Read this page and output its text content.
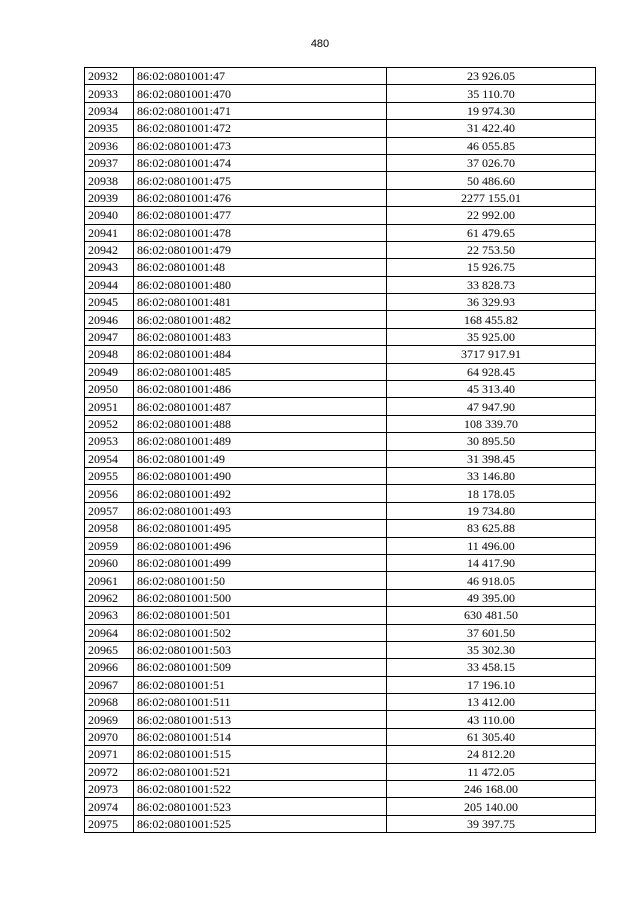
480
20932	86:02:0801001:47	23 926.05
20933	86:02:0801001:470	35 110.70
20934	86:02:0801001:471	19 974.30
20935	86:02:0801001:472	31 422.40
20936	86:02:0801001:473	46 055.85
20937	86:02:0801001:474	37 026.70
20938	86:02:0801001:475	50 486.60
20939	86:02:0801001:476	2277 155.01
20940	86:02:0801001:477	22 992.00
20941	86:02:0801001:478	61 479.65
20942	86:02:0801001:479	22 753.50
20943	86:02:0801001:48	15 926.75
20944	86:02:0801001:480	33 828.73
20945	86:02:0801001:481	36 329.93
20946	86:02:0801001:482	168 455.82
20947	86:02:0801001:483	35 925.00
20948	86:02:0801001:484	3717 917.91
20949	86:02:0801001:485	64 928.45
20950	86:02:0801001:486	45 313.40
20951	86:02:0801001:487	47 947.90
20952	86:02:0801001:488	108 339.70
20953	86:02:0801001:489	30 895.50
20954	86:02:0801001:49	31 398.45
20955	86:02:0801001:490	33 146.80
20956	86:02:0801001:492	18 178.05
20957	86:02:0801001:493	19 734.80
20958	86:02:0801001:495	83 625.88
20959	86:02:0801001:496	11 496.00
20960	86:02:0801001:499	14 417.90
20961	86:02:0801001:50	46 918.05
20962	86:02:0801001:500	49 395.00
20963	86:02:0801001:501	630 481.50
20964	86:02:0801001:502	37 601.50
20965	86:02:0801001:503	35 302.30
20966	86:02:0801001:509	33 458.15
20967	86:02:0801001:51	17 196.10
20968	86:02:0801001:511	13 412.00
20969	86:02:0801001:513	43 110.00
20970	86:02:0801001:514	61 305.40
20971	86:02:0801001:515	24 812.20
20972	86:02:0801001:521	11 472.05
20973	86:02:0801001:522	246 168.00
20974	86:02:0801001:523	205 140.00
20975	86:02:0801001:525	39 397.75
